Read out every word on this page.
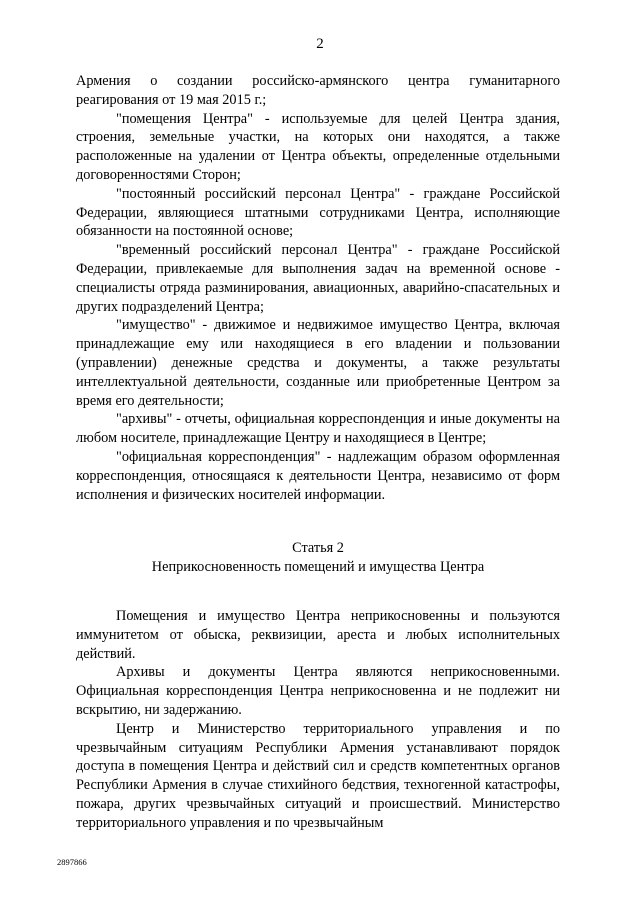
2

Армения о создании российско-армянского центра гуманитарного реагирования от 19 мая 2015 г.;

"помещения Центра" - используемые для целей Центра здания, строения, земельные участки, на которых они находятся, а также расположенные на удалении от Центра объекты, определенные отдельными договоренностями Сторон;

"постоянный российский персонал Центра" - граждане Российской Федерации, являющиеся штатными сотрудниками Центра, исполняющие обязанности на постоянной основе;

"временный российский персонал Центра" - граждане Российской Федерации, привлекаемые для выполнения задач на временной основе - специалисты отряда разминирования, авиационных, аварийно-спасательных и других подразделений Центра;

"имущество" - движимое и недвижимое имущество Центра, включая принадлежащие ему или находящиеся в его владении и пользовании (управлении) денежные средства и документы, а также результаты интеллектуальной деятельности, созданные или приобретенные Центром за время его деятельности;

"архивы" - отчеты, официальная корреспонденция и иные документы на любом носителе, принадлежащие Центру и находящиеся в Центре;

"официальная корреспонденция" - надлежащим образом оформленная корреспонденция, относящаяся к деятельности Центра, независимо от форм исполнения и физических носителей информации.

Статья 2
Неприкосновенность помещений и имущества Центра

Помещения и имущество Центра неприкосновенны и пользуются иммунитетом от обыска, реквизиции, ареста и любых исполнительных действий.

Архивы и документы Центра являются неприкосновенными. Официальная корреспонденция Центра неприкосновенна и не подлежит ни вскрытию, ни задержанию.

Центр и Министерство территориального управления и по чрезвычайным ситуациям Республики Армения устанавливают порядок доступа в помещения Центра и действий сил и средств компетентных органов Республики Армения в случае стихийного бедствия, техногенной катастрофы, пожара, других чрезвычайных ситуаций и происшествий. Министерство территориального управления и по чрезвычайным

2897866
